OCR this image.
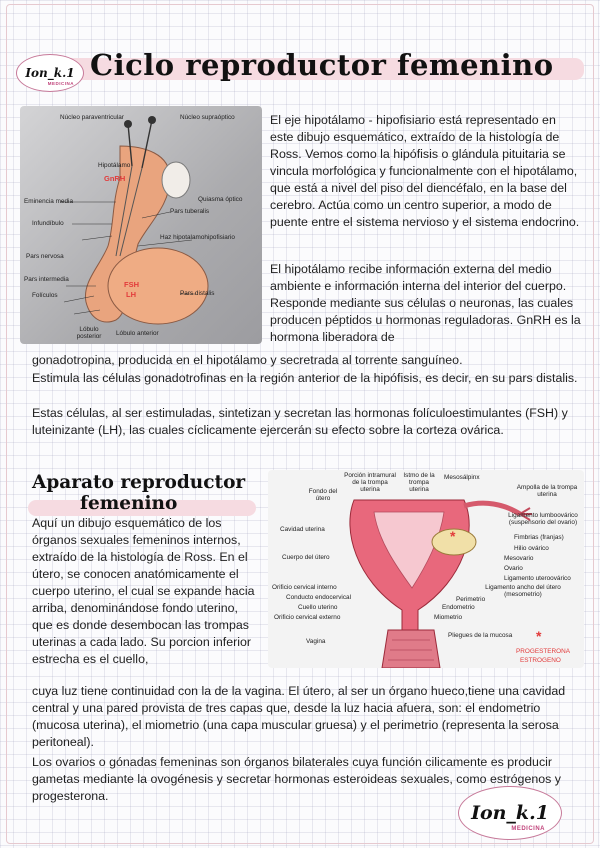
Ion_k.1
MEDICINA
Ciclo reproductor femenino
Núcleo paraventricular	Núcleo supraóptico
Hipotálamo
GnRH
Eminencia media	Quiasma óptico
Pars tuberalis
Infundíbulo
Haz hipotalamohipofisiario
Pars nervosa
Pars intermedia
FSH
LH	Pars distalis
Folículos
Lóbulo posterior	Lóbulo anterior

El eje hipotálamo - hipofisiario está representado en este dibujo esquemático, extraído de la histología de Ross. Vemos como la hipófisis o glándula pituitaria se vincula morfológica y funcionalmente con el hipotálamo, que está a nivel del piso del diencéfalo, en la base del cerebro. Actúa como un centro superior, a modo de puente entre el sistema nervioso y el sistema endocrino.

El hipotálamo recibe información externa del medio ambiente e información interna del interior del cuerpo. Responde mediante sus células o neuronas, las cuales producen péptidos u hormonas reguladoras. GnRH es la hormona liberadora de

gonadotropina, producida en el hipotálamo y secretrada al torrente sanguíneo.

Estimula las células gonadotrofinas en la región anterior de la hipófisis, es decir, en su pars distalis.

Estas células, al ser estimuladas, sintetizan y secretan las hormonas folículoestimulantes (FSH) y luteinizante (LH), las cuales cíclicamente ejercerán su efecto sobre la corteza ovárica.

Aparato reproductor
femenino
Porción intramural de la trompa uterina
Istmo de la trompa uterina
Mesosálpinx
Ampolla de la trompa uterina
Fondo del útero
Ligamento lumboovárico (suspensorio del ovario)
Fimbrias (franjas)
Hilio ovárico
Mesovario
Ovario
Ligamento uteroovárico
Ligamento ancho del útero (mesometrio)
Cavidad uterina
Cuerpo del útero
Orificio cervical interno
Conducto endocervical
Cuello uterino
Orificio cervical externo
Perimetrio
Endometrio
Miometrio
Vagina
Pliegues de la mucosa
*
*
PROGESTERONA
ESTROGENO

Aquí un dibujo esquemático de los órganos sexuales femeninos internos, extraído de la histología de Ross. En el útero, se conocen anatómicamente el cuerpo uterino, el cual se expande hacia arriba, denominándose fondo uterino, que es donde desembocan las trompas uterinas a cada lado. Su porcion inferior estrecha es el cuello,

cuya luz tiene continuidad con la de la vagina. El útero, al ser un órgano hueco,tiene una cavidad central y una pared provista de tres capas que, desde la luz hacia afuera, son: el endometrio (mucosa uterina), el miometrio (una capa muscular gruesa) y el perimetrio (representa la serosa peritoneal).

Los ovarios o gónadas femeninas son órganos bilaterales cuya función cilicamente es producir gametas mediante la ovogénesis y secretar hormonas esteroideas sexuales, como estrógenos y progesterona.

Ion_k.1
MEDICINA
